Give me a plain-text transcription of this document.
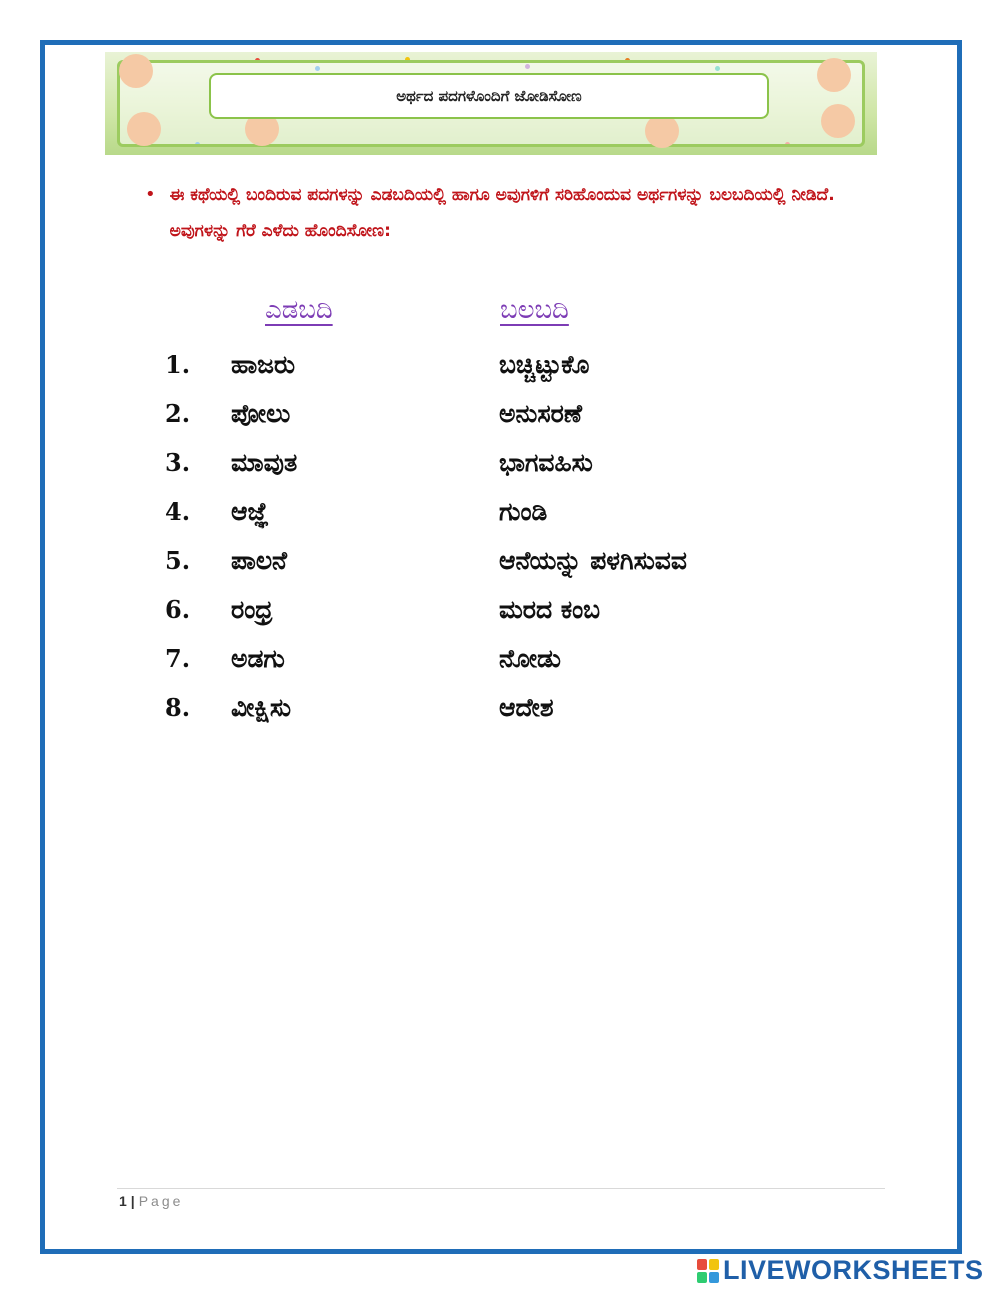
ಅರ್ಥದ ಪದಗಳೊಂದಿಗೆ ಜೋಡಿಸೋಣ
• ಈ ಕಥೆಯಲ್ಲಿ ಬಂದಿರುವ ಪದಗಳನ್ನು ಎಡಬದಿಯಲ್ಲಿ ಹಾಗೂ ಅವುಗಳಿಗೆ ಸರಿಹೊಂದುವ ಅರ್ಥಗಳನ್ನು ಬಲಬದಿಯಲ್ಲಿ ನೀಡಿದೆ. ಅವುಗಳನ್ನು ಗೆರೆ ಎಳೆದು ಹೊಂದಿಸೋಣ:
ಎಡಬದಿ	ಬಲಬದಿ
1.	ಹಾಜರು	ಬಚ್ಚಿಟ್ಟುಕೊ
2.	ಪೋಲು	ಅನುಸರಣೆ
3.	ಮಾವುತ	ಭಾಗವಹಿಸು
4.	ಆಜ್ಞೆ	ಗುಂಡಿ
5.	ಪಾಲನೆ	ಆನೆಯನ್ನು ಪಳಗಿಸುವವ
6.	ರಂಧ್ರ	ಮರದ ಕಂಬ
7.	ಅಡಗು	ನೋಡು
8.	ವೀಕ್ಷಿಸು	ಆದೇಶ
1 | Page
LIVEWORKSHEETS
